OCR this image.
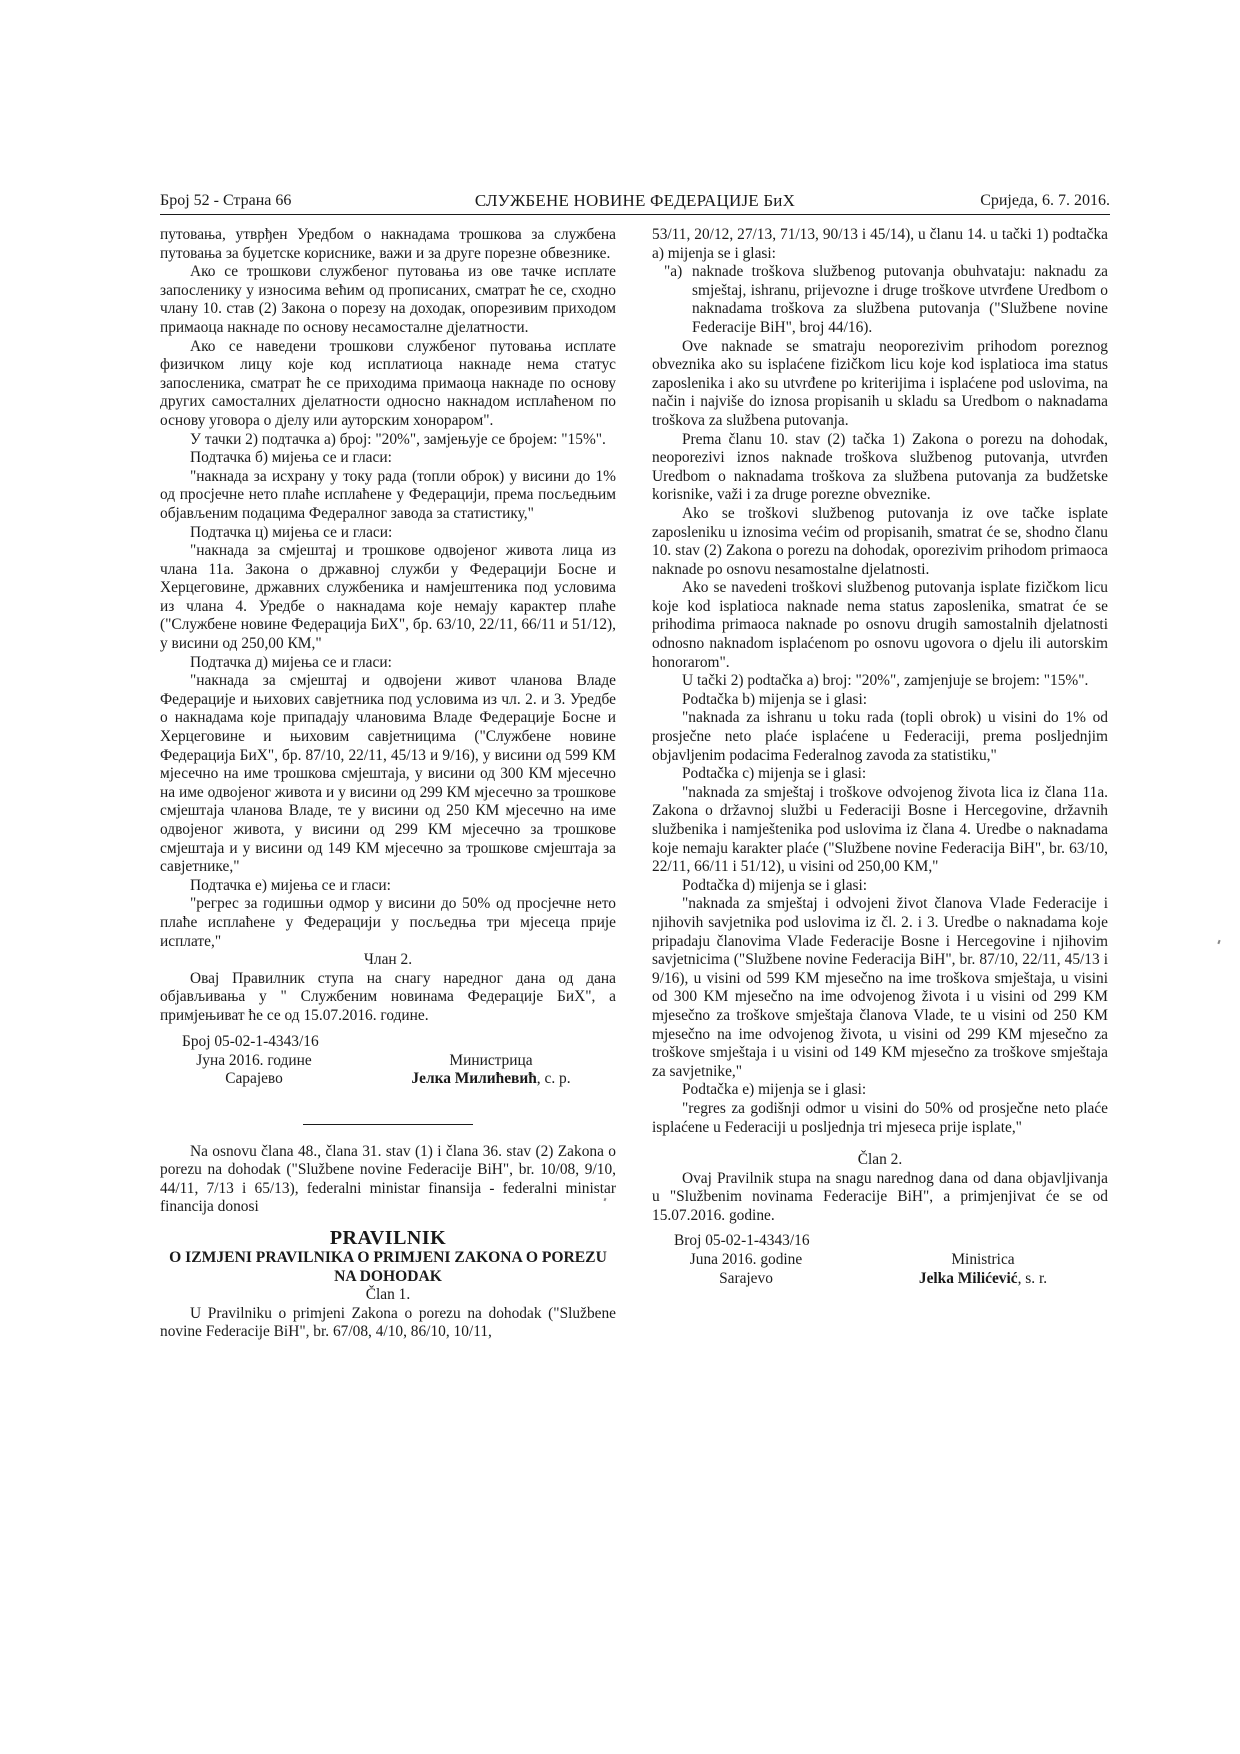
Број 52 - Страна 66	СЛУЖБЕНЕ НОВИНЕ ФЕДЕРАЦИЈЕ БиХ	Сриједа, 6. 7. 2016.

путовања, утврђен Уредбом о накнадама трошкова за службена путовања за буџетске кориснике, важи и за друге порезне обвезнике.

Ако се трошкови службеног путовања из ове тачке исплате запосленику у износима већим од прописаних, сматрат ће се, сходно члану 10. став (2) Закона о порезу на доходак, опорезивим приходом примаоца накнаде по основу несамосталне дјелатности.

Ако се наведени трошкови службеног путовања исплате физичком лицу које код исплатиоца накнаде нема статус запосленика, сматрат ће се приходима примаоца накнаде по основу других самосталних дјелатности односно накнадом исплаћеном по основу уговора о дјелу или ауторским хонораром".

У тачки 2) подтачка а) број: "20%", замјењује се бројем: "15%".

Подтачка б) мијења се и гласи:

"накнада за исхрану у току рада (топли оброк) у висини до 1% од просјечне нето плаће исплаћене у Федерацији, према посљедњим објављеним подацима Федералног завода за статистику,"

Подтачка ц) мијења се и гласи:

"накнада за смјештај и трошкове одвојеног живота лица из члана 11а. Закона о државној служби у Федерацији Босне и Херцеговине, државних службеника и намјештеника под условима из члана 4. Уредбе о накнадама које немају карактер плаће ("Службене новине Федерација БиХ", бр. 63/10, 22/11, 66/11 и 51/12), у висини од 250,00 КМ,"

Подтачка д) мијења се и гласи:

"накнада за смјештај и одвојени живот чланова Владе Федерације и њихових савјетника под условима из чл. 2. и 3. Уредбе о накнадама које припадају члановима Владе Федерације Босне и Херцеговине и њиховим савјетницима ("Службене новине Федерација БиХ", бр. 87/10, 22/11, 45/13 и 9/16), у висини од 599 КМ мјесечно на име трошкова смјештаја, у висини од 300 КМ мјесечно на име одвојеног живота и у висини од 299 КМ мјесечно за трошкове смјештаја чланова Владе, те у висини од 250 КМ мјесечно на име одвојеног живота, у висини од 299 КМ мјесечно за трошкове смјештаја и у висини од 149 КМ мјесечно за трошкове смјештаја за савјетнике,"

Подтачка е) мијења се и гласи:

"регрес за годишњи одмор у висини до 50% од просјечне нето плаће исплаћене у Федерацији у посљедња три мјесеца прије исплате,"

Члан 2.

Овај Правилник ступа на снагу наредног дана од дана објављивања у " Службеним новинама Федерације БиХ", а примјењиват ће се од 15.07.2016. године.

Број 05-02-1-4343/16
Јуна 2016. године
Сарајево
Министрица
Јелка Милићевић, с. р.

Na osnovu člana 48., člana 31. stav (1) i člana 36. stav (2) Zakona o porezu na dohodak ("Službene novine Federacije BiH", br. 10/08, 9/10, 44/11, 7/13 i 65/13), federalni ministar finansija - federalni ministar financija donosi

PRAVILNIK
O IZMJENI PRAVILNIKA O PRIMJENI ZAKONA O POREZU NA DOHODAK

Član 1.

U Pravilniku o primjeni Zakona o porezu na dohodak ("Službene novine Federacije BiH", br. 67/08, 4/10, 86/10, 10/11,

53/11, 20/12, 27/13, 71/13, 90/13 i 45/14), u članu 14. u tački 1) podtačka a) mijenja se i glasi:

"a) naknade troškova službenog putovanja obuhvataju: naknadu za smještaj, ishranu, prijevozne i druge troškove utvrđene Uredbom o naknadama troškova za službena putovanja ("Službene novine Federacije BiH", broj 44/16).

Ove naknade se smatraju neoporezivim prihodom poreznog obveznika ako su isplaćene fizičkom licu koje kod isplatioca ima status zaposlenika i ako su utvrđene po kriterijima i isplaćene pod uslovima, na način i najviše do iznosa propisanih u skladu sa Uredbom o naknadama troškova za službena putovanja.

Prema članu 10. stav (2) tačka 1) Zakona o porezu na dohodak, neoporezivi iznos naknade troškova službenog putovanja, utvrđen Uredbom o naknadama troškova za službena putovanja za budžetske korisnike, važi i za druge porezne obveznike.

Ako se troškovi službenog putovanja iz ove tačke isplate zaposleniku u iznosima većim od propisanih, smatrat će se, shodno članu 10. stav (2) Zakona o porezu na dohodak, oporezivim prihodom primaoca naknade po osnovu nesamostalne djelatnosti.

Ako se navedeni troškovi službenog putovanja isplate fizičkom licu koje kod isplatioca naknade nema status zaposlenika, smatrat će se prihodima primaoca naknade po osnovu drugih samostalnih djelatnosti odnosno naknadom isplaćenom po osnovu ugovora o djelu ili autorskim honorarom".

U tački 2) podtačka a) broj: "20%", zamjenjuje se brojem: "15%".

Podtačka b) mijenja se i glasi:

"naknada za ishranu u toku rada (topli obrok) u visini do 1% od prosječne neto plaće isplaćene u Federaciji, prema posljednjim objavljenim podacima Federalnog zavoda za statistiku,"

Podtačka c) mijenja se i glasi:

"naknada za smještaj i troškove odvojenog života lica iz člana 11a. Zakona o državnoj službi u Federaciji Bosne i Hercegovine, državnih službenika i namještenika pod uslovima iz člana 4. Uredbe o naknadama koje nemaju karakter plaće ("Službene novine Federacija BiH", br. 63/10, 22/11, 66/11 i 51/12), u visini od 250,00 KM,"

Podtačka d) mijenja se i glasi:

"naknada za smještaj i odvojeni život članova Vlade Federacije i njihovih savjetnika pod uslovima iz čl. 2. i 3. Uredbe o naknadama koje pripadaju članovima Vlade Federacije Bosne i Hercegovine i njihovim savjetnicima ("Službene novine Federacija BiH", br. 87/10, 22/11, 45/13 i 9/16), u visini od 599 KM mjesečno na ime troškova smještaja, u visini od 300 KM mjesečno na ime odvojenog života i u visini od 299 KM mjesečno za troškove smještaja članova Vlade, te u visini od 250 KM mjesečno na ime odvojenog života, u visini od 299 KM mjesečno za troškove smještaja i u visini od 149 KM mjesečno za troškove smještaja za savjetnike,"

Podtačka e) mijenja se i glasi:

"regres za godišnji odmor u visini do 50% od prosječne neto plaće isplaćene u Federaciji u posljednja tri mjeseca prije isplate,"

Član 2.

Ovaj Pravilnik stupa na snagu narednog dana od dana objavljivanja u "Službenim novinama Federacije BiH", a primjenjivat će se od 15.07.2016. godine.

Broj 05-02-1-4343/16
Juna 2016. godine
Sarajevo
Ministrica
Jelka Milićević, s. r.
